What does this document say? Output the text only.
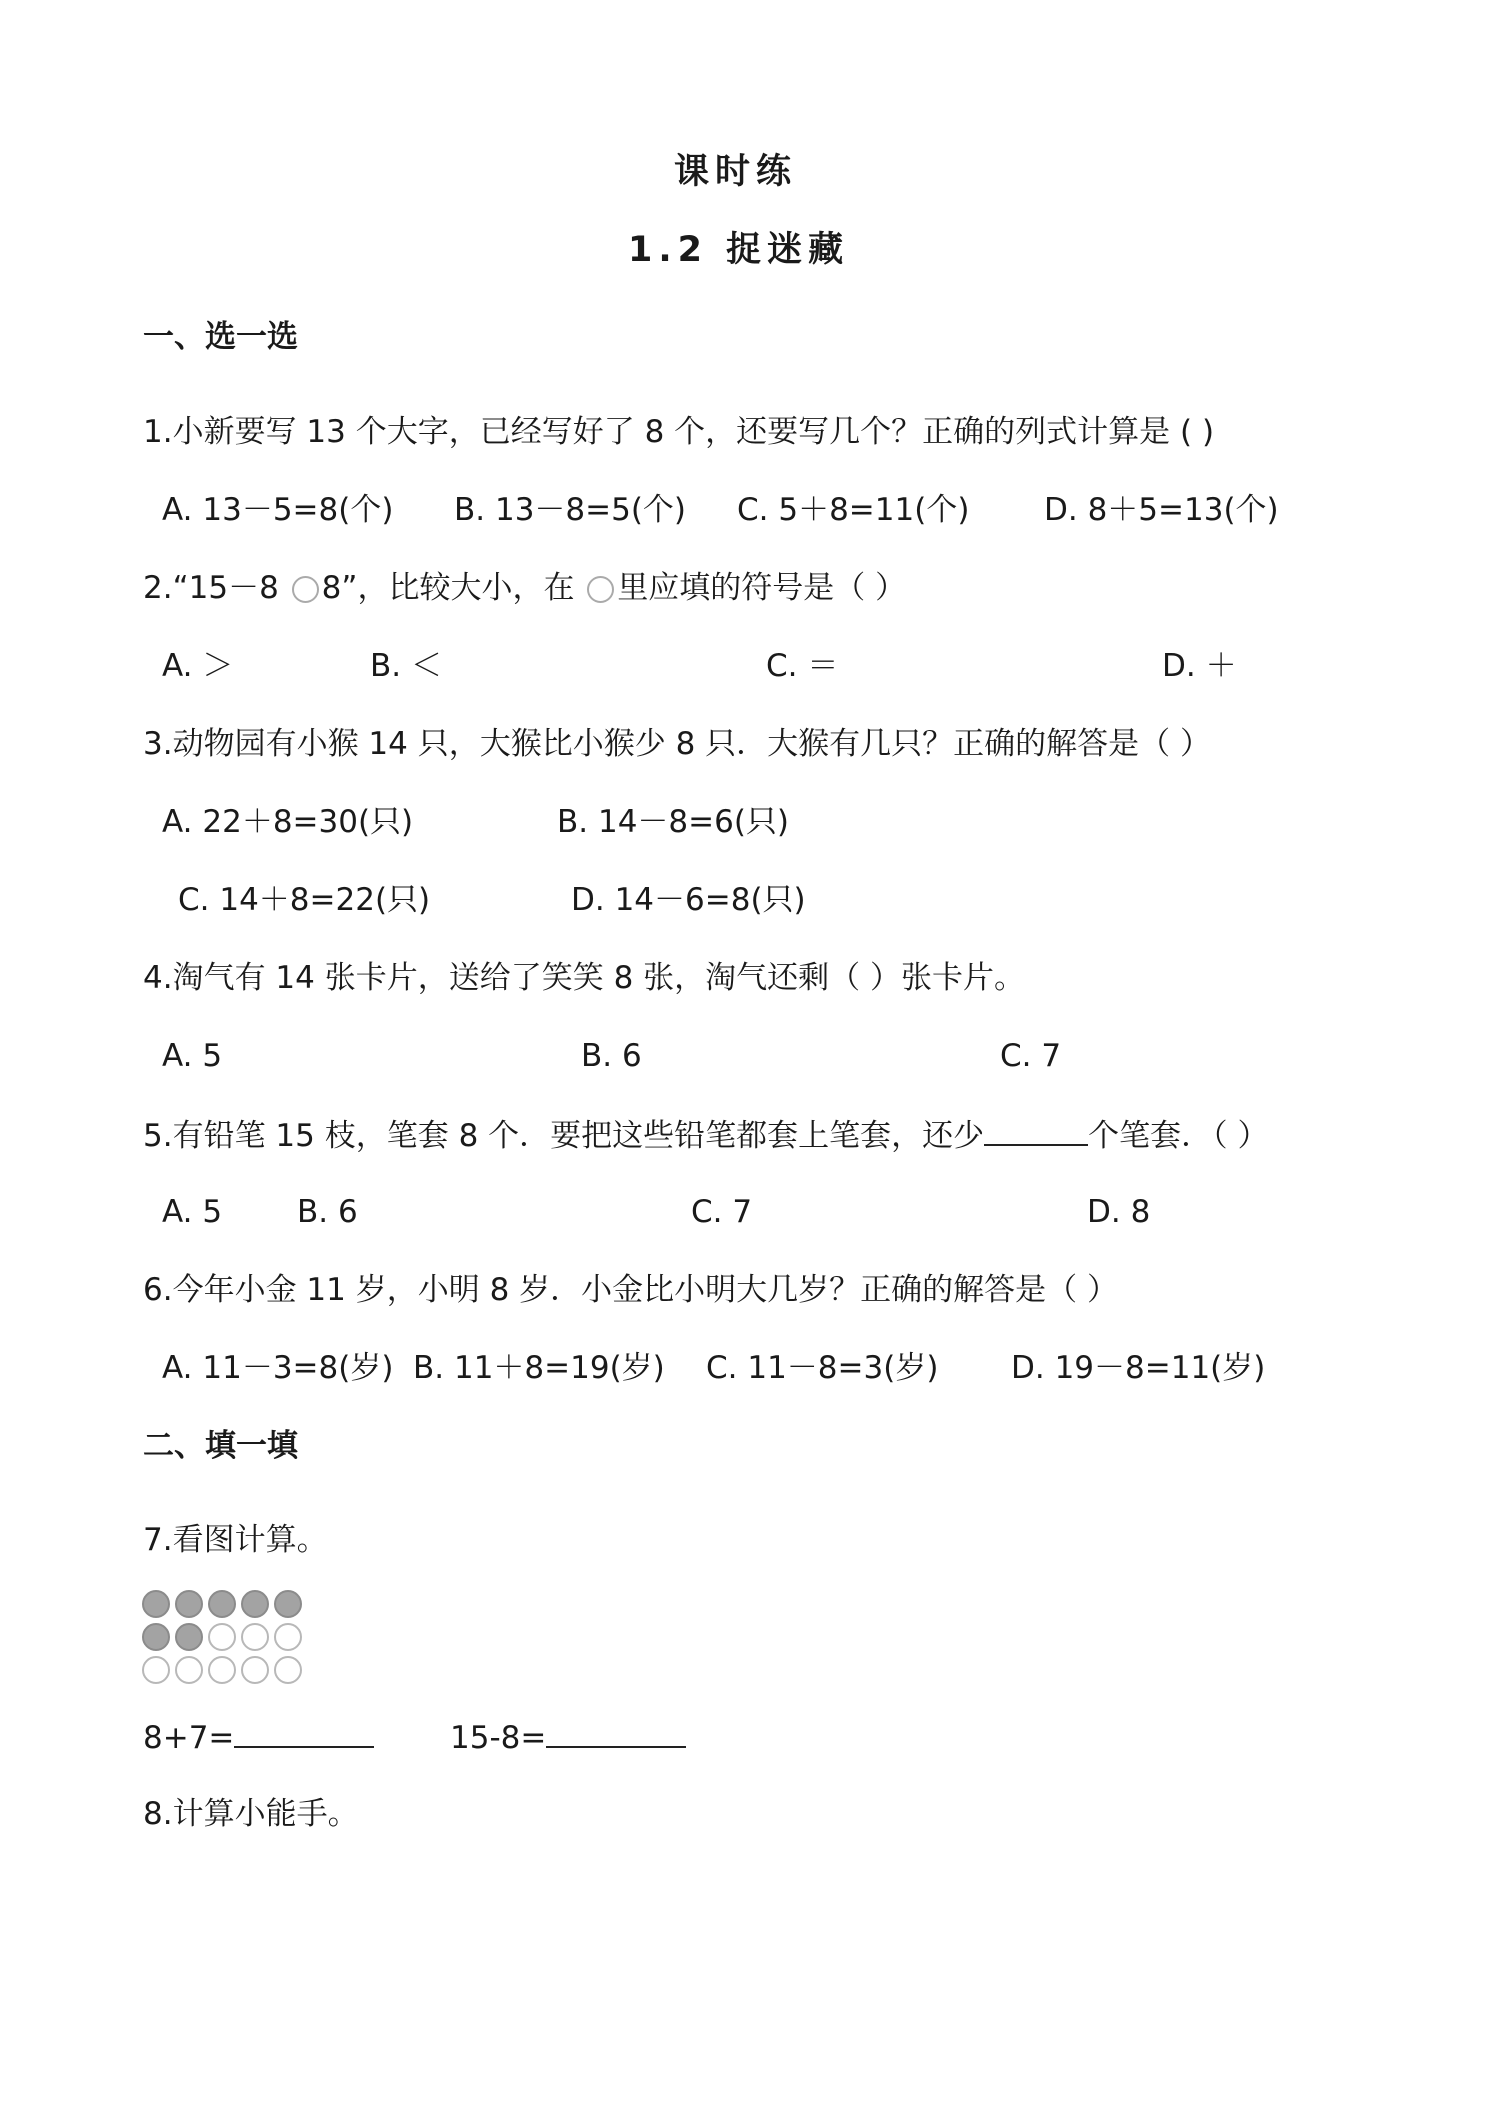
课时练
1.2 捉迷藏
一、选一选
1.小新要写 13 个大字，已经写好了 8 个，还要写几个？正确的列式计算是 ( )
A. 13－5=8(个) B. 13－8=5(个) C. 5＋8=11(个) D. 8＋5=13(个)
2.“15－8 8”，比较大小，在 里应填的符号是（ ）
A. ＞	B. ＜	C. ＝	D. ＋
3.动物园有小猴 14 只，大猴比小猴少 8 只．大猴有几只？正确的解答是（ ）
A. 22＋8=30(只)	B. 14－8=6(只)
C. 14＋8=22(只)	D. 14－6=8(只)
4.淘气有 14 张卡片，送给了笑笑 8 张，淘气还剩（ ）张卡片。
A. 5	B. 6	C. 7
5.有铅笔 15 枝，笔套 8 个．要把这些铅笔都套上笔套，还少	个笔套．（ ）
A. 5 B. 6	C. 7	D. 8
6.今年小金 11 岁，小明 8 岁．小金比小明大几岁？正确的解答是（ ）
A. 11－3=8(岁) B. 11＋8=19(岁) C. 11－8=3(岁) D. 19－8=11(岁)
二、填一填
7.看图计算。
8+7=	15-8=
8.计算小能手。
